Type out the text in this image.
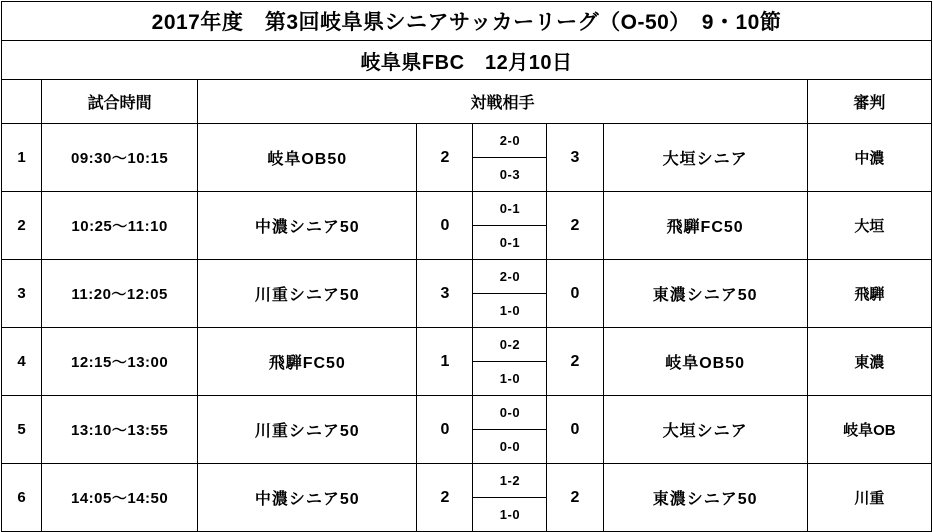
2017年度　第3回岐阜県シニアサッカーリーグ（O-50）　9・10節							
岐阜県FBC　12月10日							
	試合時間	対戦相手					審判
1	09:30〜10:15	岐阜OB50	2	2-0	3	大垣シニア	中濃
				0-3			
2	10:25〜11:10	中濃シニア50	0	0-1	2	飛騨FC50	大垣
				0-1			
3	11:20〜12:05	川重シニア50	3	2-0	0	東濃シニア50	飛騨
				1-0			
4	12:15〜13:00	飛騨FC50	1	0-2	2	岐阜OB50	東濃
				1-0			
5	13:10〜13:55	川重シニア50	0	0-0	0	大垣シニア	岐阜OB
				0-0			
6	14:05〜14:50	中濃シニア50	2	1-2	2	東濃シニア50	川重
				1-0			
